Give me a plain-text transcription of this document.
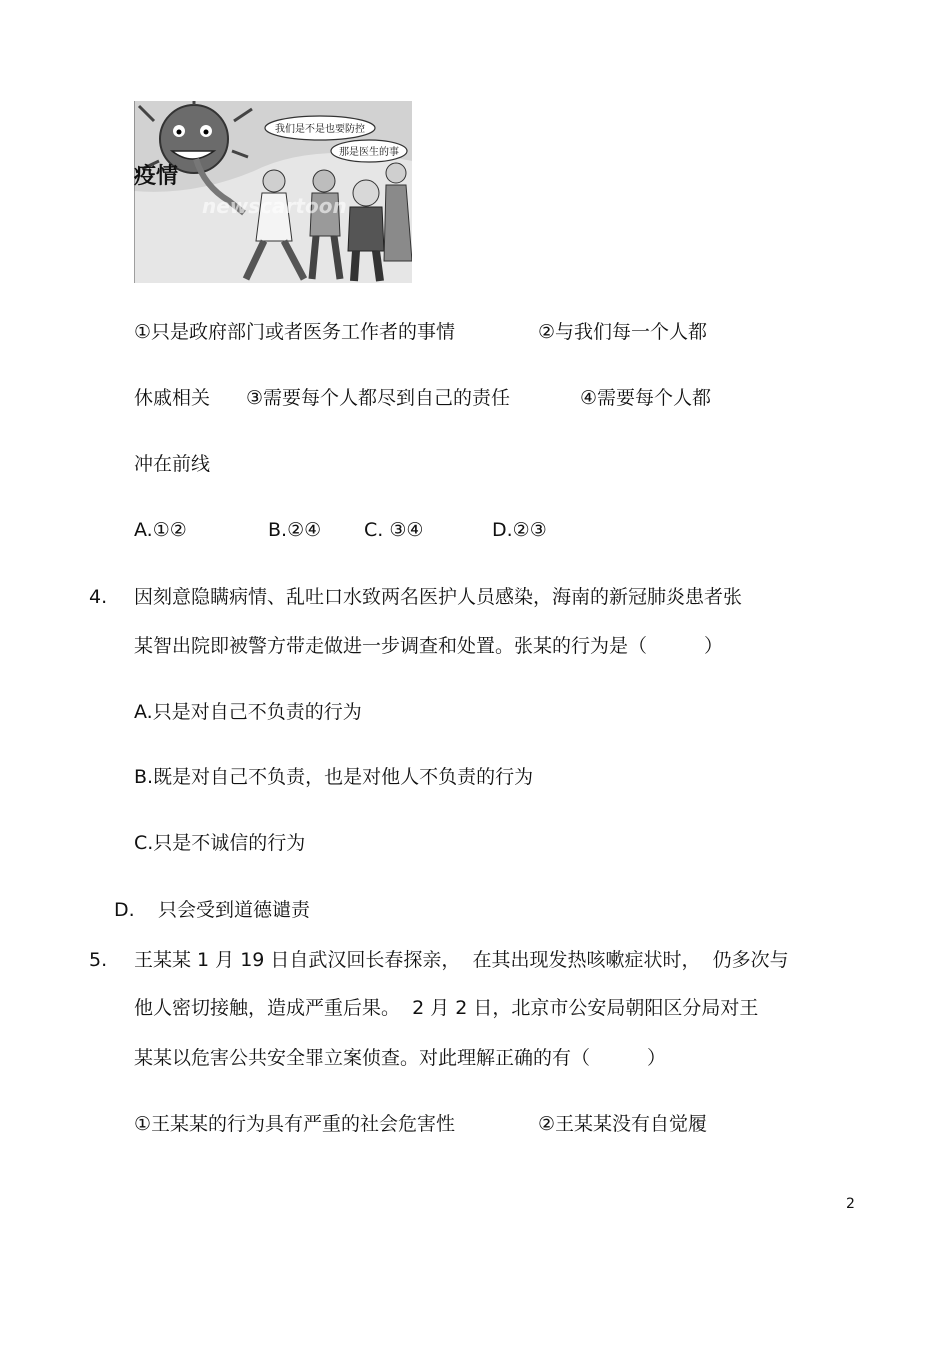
疫情
我们是不是也要防控
那是医生的事
newscartoon
①只是政府部门或者医务工作者的事情	②与我们每一个人都
休戚相关 ③需要每个人都尽到自己的责任	④需要每个人都
冲在前线
A.①②	B.②④ C. ③④	D.②③
4. 因刻意隐瞒病情、乱吐口水致两名医护人员感染，海南的新冠肺炎患者张
某智出院即被警方带走做进一步调查和处置。张某的行为是（　　　）
A.只是对自己不负责的行为
B.既是对自己不负责，也是对他人不负责的行为
C.只是不诚信的行为
D. 只会受到道德谴责
5. 王某某 1 月 19 日自武汉回长春探亲，  在其出现发热咳嗽症状时，  仍多次与
他人密切接触，造成严重后果。  2 月 2 日，北京市公安局朝阳区分局对王
某某以危害公共安全罪立案侦查。对此理解正确的有（　　　）
①王某某的行为具有严重的社会危害性	②王某某没有自觉履
2
